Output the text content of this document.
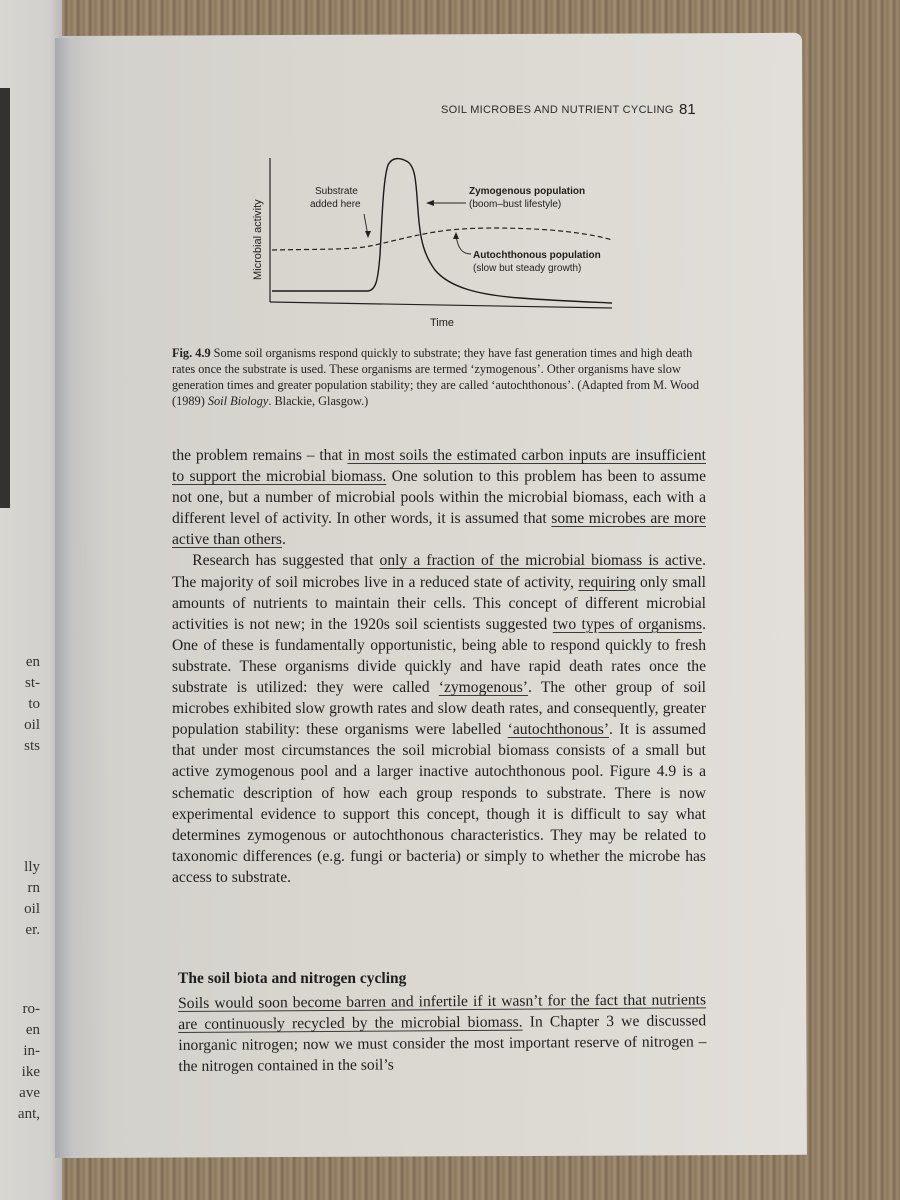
en
st-
to
oil
sts
lly
rn
oil
er.
ro-
en
in-
ike
ave
ant,
SOIL MICROBES AND NUTRIENT CYCLING 81
Microbial activity
Time
Substrate
added here
Zymogenous population
(boom–bust lifestyle)
Autochthonous population
(slow but steady growth)
Fig. 4.9 Some soil organisms respond quickly to substrate; they have fast generation times and high death rates once the substrate is used. These organisms are termed ‘zymogenous’. Other organisms have slow generation times and greater population stability; they are called ‘autochthonous’. (Adapted from M. Wood (1989) Soil Biology. Blackie, Glasgow.)

the problem remains – that in most soils the estimated carbon inputs are insufficient to support the microbial biomass. One solution to this problem has been to assume not one, but a number of microbial pools within the microbial biomass, each with a different level of activity. In other words, it is assumed that some microbes are more active than others.

Research has suggested that only a fraction of the microbial biomass is active. The majority of soil microbes live in a reduced state of activity, requiring only small amounts of nutrients to maintain their cells. This concept of different microbial activities is not new; in the 1920s soil scientists suggested two types of organisms. One of these is fundamentally opportunistic, being able to respond quickly to fresh substrate. These organisms divide quickly and have rapid death rates once the substrate is utilized: they were called ‘zymogenous’. The other group of soil microbes exhibited slow growth rates and slow death rates, and consequently, greater population stability: these organisms were labelled ‘autochthonous’. It is assumed that under most circumstances the soil microbial biomass consists of a small but active zymogenous pool and a larger inactive autochthonous pool. Figure 4.9 is a schematic description of how each group responds to substrate. There is now experimental evidence to support this concept, though it is difficult to say what determines zymogenous or autochthonous characteristics. They may be related to taxonomic differences (e.g. fungi or bacteria) or simply to whether the microbe has access to substrate.

The soil biota and nitrogen cycling

Soils would soon become barren and infertile if it wasn’t for the fact that nutrients are continuously recycled by the microbial biomass. In Chapter 3 we discussed inorganic nitrogen; now we must consider the most important reserve of nitrogen – the nitrogen contained in the soil’s
